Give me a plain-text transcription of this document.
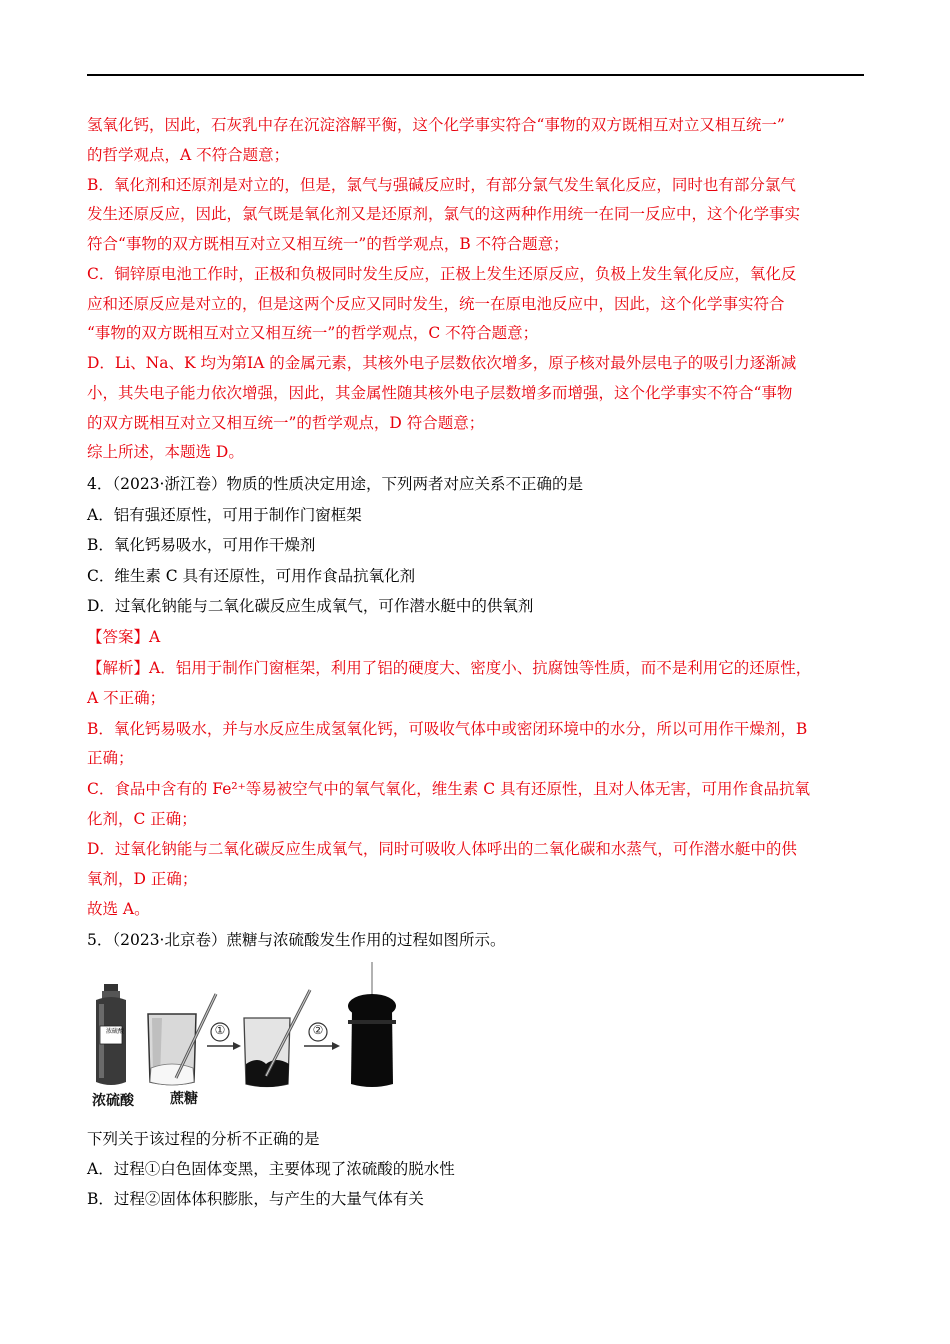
氢氧化钙，因此，石灰乳中存在沉淀溶解平衡，这个化学事实符合“事物的双方既相互对立又相互统一”
的哲学观点，A 不符合题意；
B．氧化剂和还原剂是对立的，但是，氯气与强碱反应时，有部分氯气发生氧化反应，同时也有部分氯气
发生还原反应，因此，氯气既是氧化剂又是还原剂，氯气的这两种作用统一在同一反应中，这个化学事实
符合“事物的双方既相互对立又相互统一”的哲学观点，B 不符合题意；
C．铜锌原电池工作时，正极和负极同时发生反应，正极上发生还原反应，负极上发生氧化反应，氧化反
应和还原反应是对立的，但是这两个反应又同时发生，统一在原电池反应中，因此，这个化学事实符合
“事物的双方既相互对立又相互统一”的哲学观点，C 不符合题意；
D．Li、Na、K 均为第ⅠA 的金属元素，其核外电子层数依次增多，原子核对最外层电子的吸引力逐渐减
小，其失电子能力依次增强，因此，其金属性随其核外电子层数增多而增强，这个化学事实不符合“事物
的双方既相互对立又相互统一”的哲学观点，D 符合题意；
综上所述，本题选 D。
4．（2023·浙江卷）物质的性质决定用途，下列两者对应关系不正确的是
A．铝有强还原性，可用于制作门窗框架
B．氧化钙易吸水，可用作干燥剂
C．维生素 C 具有还原性，可用作食品抗氧化剂
D．过氧化钠能与二氧化碳反应生成氧气，可作潜水艇中的供氧剂
【答案】A
【解析】A．铝用于制作门窗框架，利用了铝的硬度大、密度小、抗腐蚀等性质，而不是利用它的还原性，
A 不正确；
B．氧化钙易吸水，并与水反应生成氢氧化钙，可吸收气体中或密闭环境中的水分，所以可用作干燥剂，B
正确；
C．食品中含有的 Fe²⁺等易被空气中的氧气氧化，维生素 C 具有还原性，且对人体无害，可用作食品抗氧
化剂，C 正确；
D．过氧化钠能与二氧化碳反应生成氧气，同时可吸收人体呼出的二氧化碳和水蒸气，可作潜水艇中的供
氧剂，D 正确；
故选 A。
5．（2023·北京卷）蔗糖与浓硫酸发生作用的过程如图所示。
浓硫酸	蔗糖
浓硫酸	①	②
下列关于该过程的分析不正确的是
A．过程①白色固体变黑，主要体现了浓硫酸的脱水性
B．过程②固体体积膨胀，与产生的大量气体有关
